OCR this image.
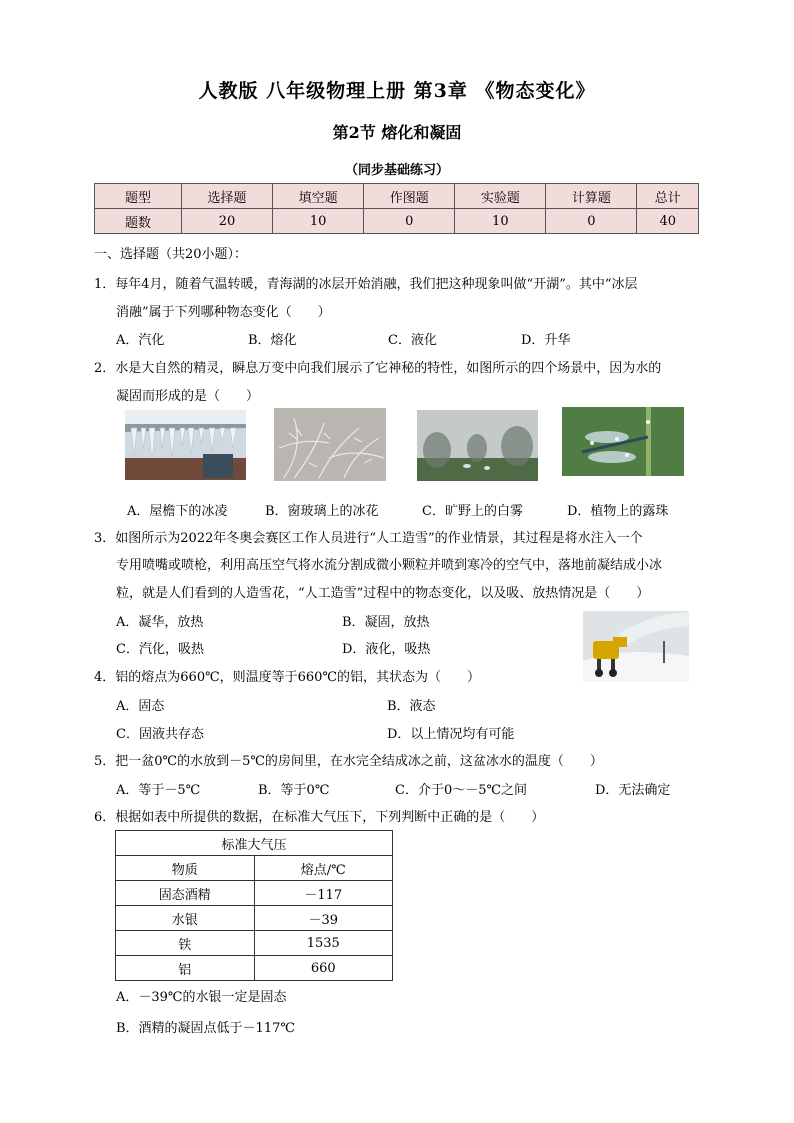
人教版 八年级物理上册 第3章 《物态变化》
第2节 熔化和凝固
（同步基础练习）
题型	选择题	填空题	作图题	实验题	计算题	总计
题数	20	10	0	10	0	40
一、选择题（共20小题）：
1．每年4月，随着气温转暖，青海湖的冰层开始消融，我们把这种现象叫做“开湖”。其中“冰层
消融”属于下列哪种物态变化（　　）
A．汽化	B．熔化	C．液化	D．升华
2．水是大自然的精灵，瞬息万变中向我们展示了它神秘的特性，如图所示的四个场景中，因为水的
凝固而形成的是（　　）
A．屋檐下的冰凌	B．窗玻璃上的冰花	C．旷野上的白雾	D．植物上的露珠
3．如图所示为2022年冬奥会赛区工作人员进行“人工造雪”的作业情景，其过程是将水注入一个
专用喷嘴或喷枪，利用高压空气将水流分割成微小颗粒并喷到寒冷的空气中，落地前凝结成小冰
粒，就是人们看到的人造雪花，“人工造雪”过程中的物态变化，以及吸、放热情况是（　　）
A．凝华，放热	B．凝固，放热
C．汽化，吸热	D．液化，吸热
4．铝的熔点为660℃，则温度等于660℃的铝，其状态为（　　）
A．固态	B．液态
C．固液共存态	D．以上情况均有可能
5．把一盆0℃的水放到－5℃的房间里，在水完全结成冰之前，这盆冰水的温度（　　）
A．等于－5℃	B．等于0℃	C．介于0～－5℃之间	D．无法确定
6．根据如表中所提供的数据，在标准大气压下，下列判断中正确的是（　　）
标准大气压	
物质	熔点/℃
固态酒精	－117
水银	－39
铁	1535
铝	660
A．－39℃的水银一定是固态
B．酒精的凝固点低于－117℃
